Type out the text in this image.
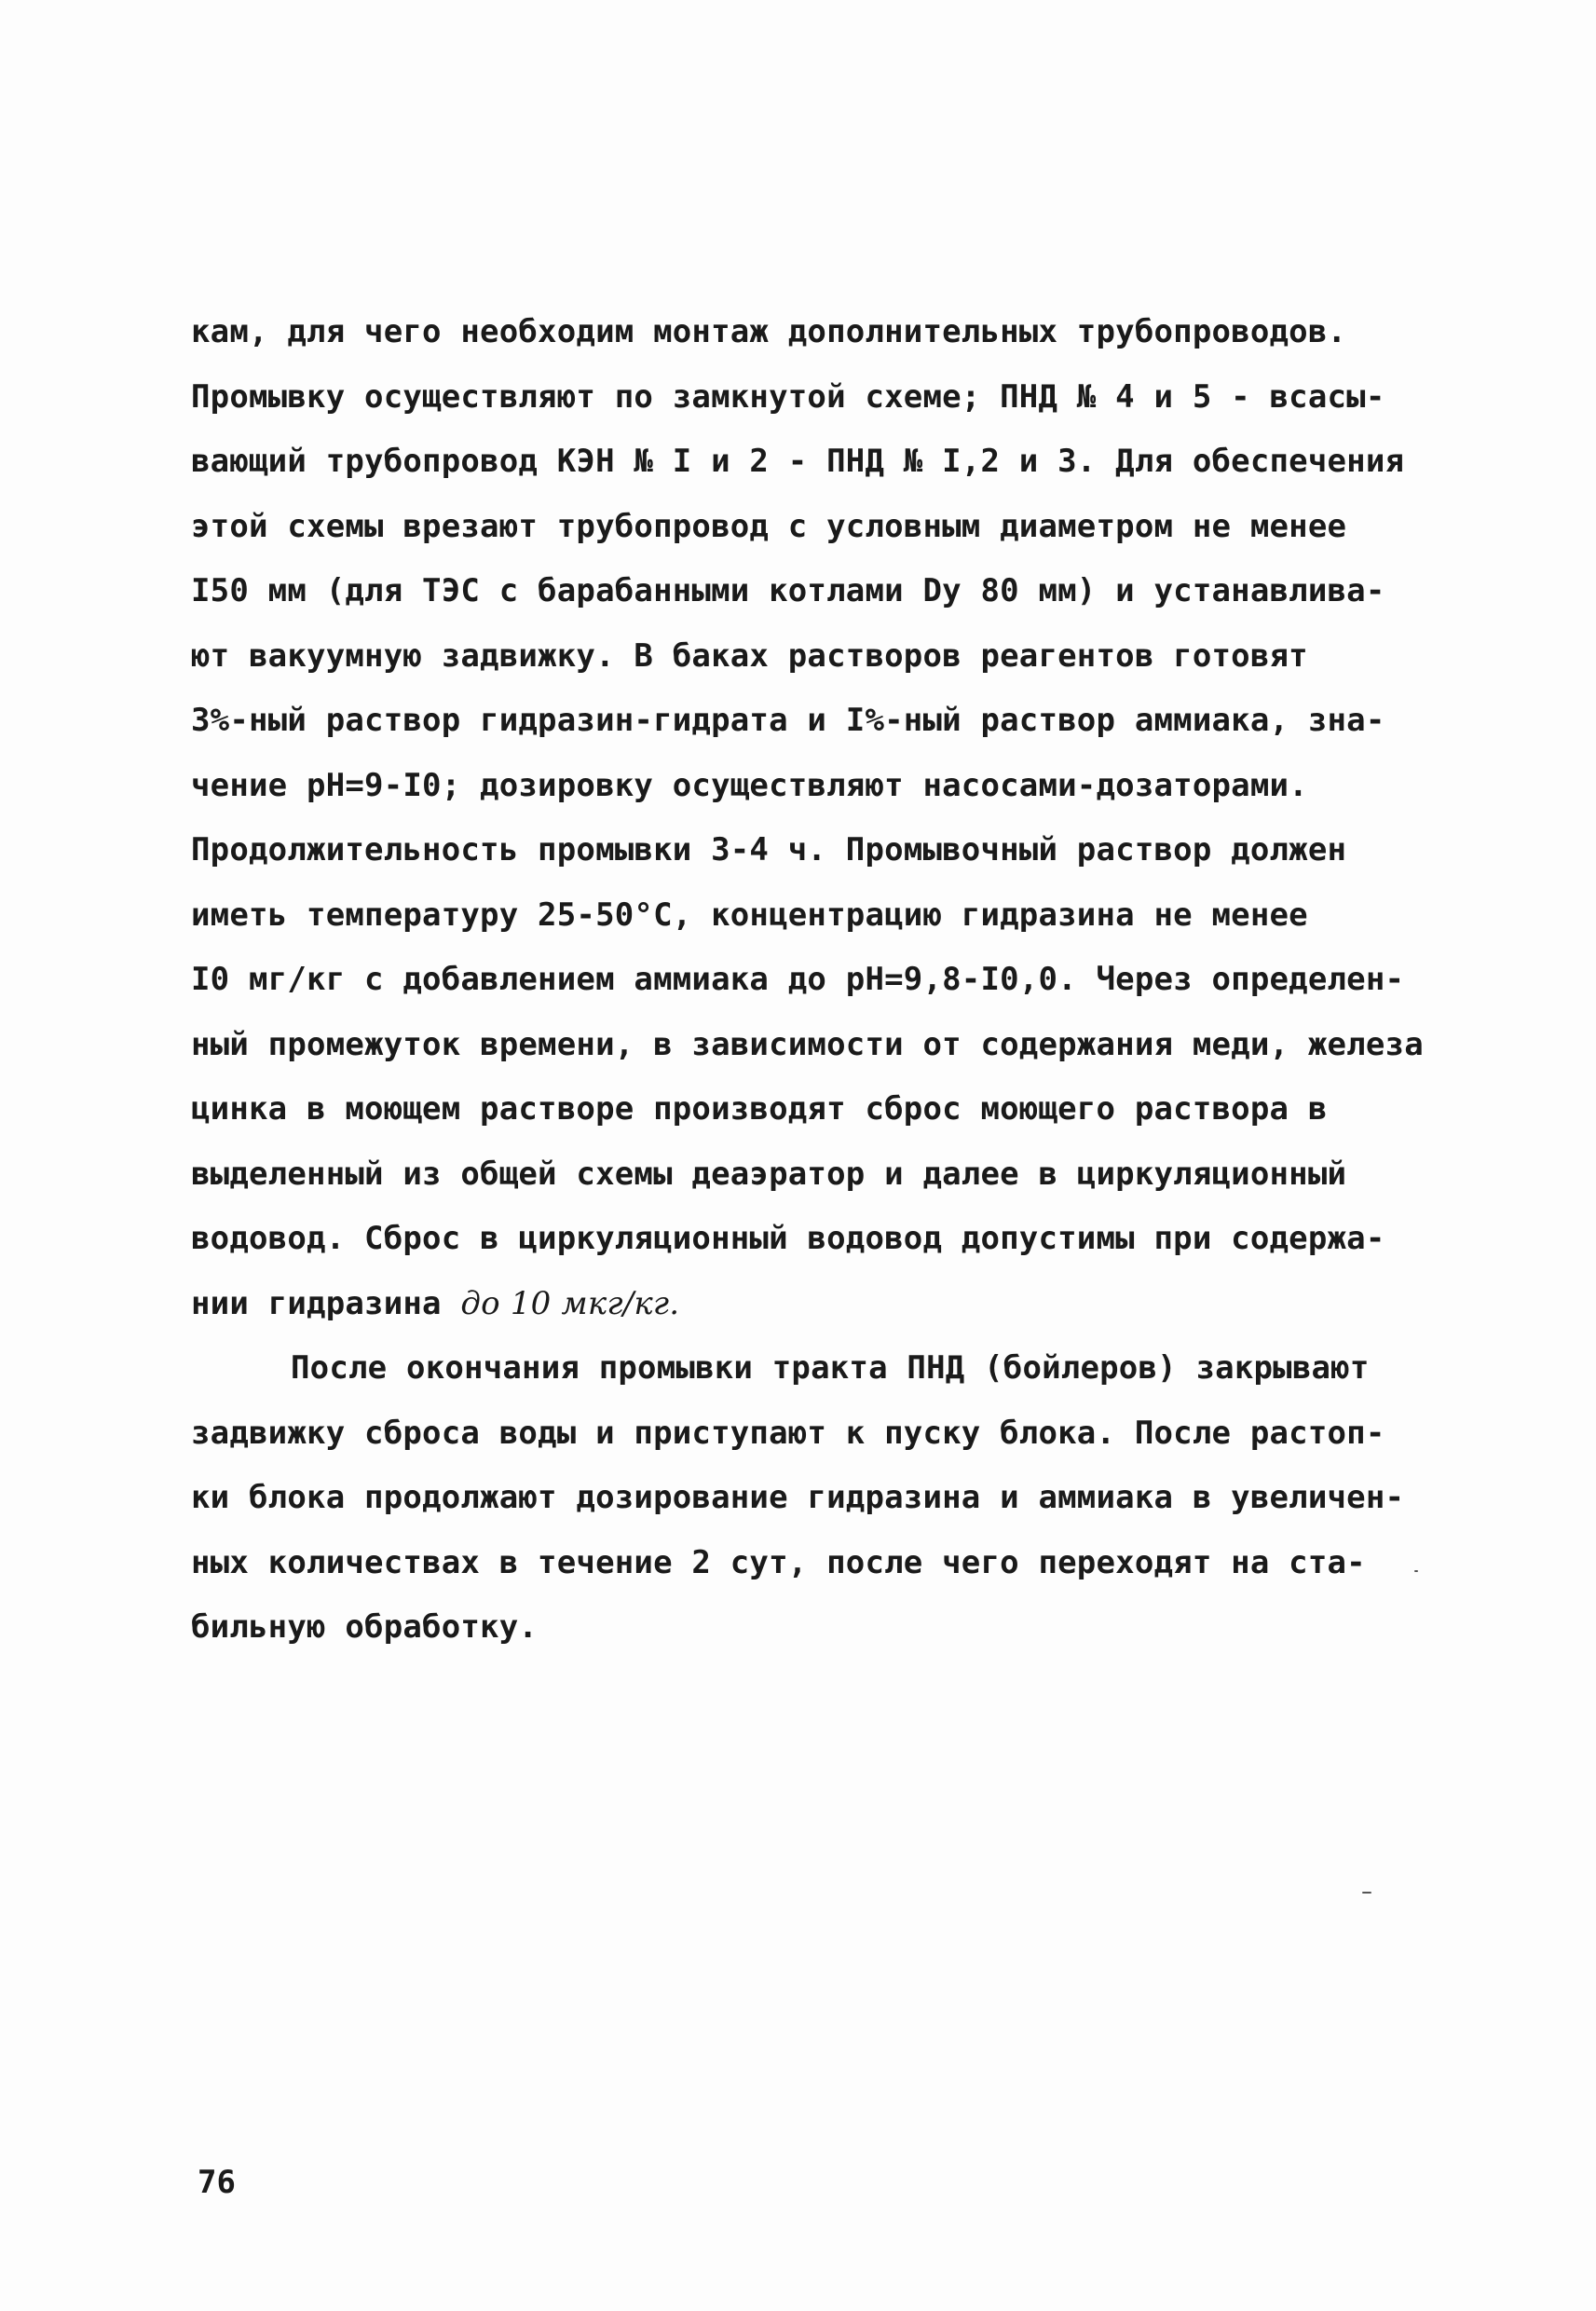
кам, для чего необходим монтаж дополнительных трубопроводов.
Промывку осуществляют по замкнутой схеме; ПНД № 4 и 5 - всасы-
вающий трубопровод КЭН № I и 2 - ПНД № I,2 и 3. Для обеспечения
этой схемы врезают трубопровод с условным диаметром не менее
I50 мм (для ТЭС с барабанными котлами Dy 80 мм) и устанавлива-
ют вакуумную задвижку. В баках растворов реагентов готовят
3%-ный раствор гидразин-гидрата и I%-ный раствор аммиака, зна-
чение pH=9-I0; дозировку осуществляют насосами-дозаторами.
Продолжительность промывки 3-4 ч. Промывочный раствор должен
иметь температуру 25-50°C, концентрацию гидразина не менее
I0 мг/кг с добавлением аммиака до pH=9,8-I0,0. Через определен-
ный промежуток времени, в зависимости от содержания меди, железа
цинка в моющем растворе производят сброс моющего раствора в
выделенный из общей схемы деаэратор и далее в циркуляционный
водовод. Сброс в циркуляционный водовод допустимы при содержа-
нии гидразина до 10 мкг/кг.
После окончания промывки тракта ПНД (бойлеров) закрывают
задвижку сброса воды и приступают к пуску блока. После растоп-
ки блока продолжают дозирование гидразина и аммиака в увеличен-
ных количествах в течение 2 сут, после чего переходят на ста-
бильную обработку.
76
